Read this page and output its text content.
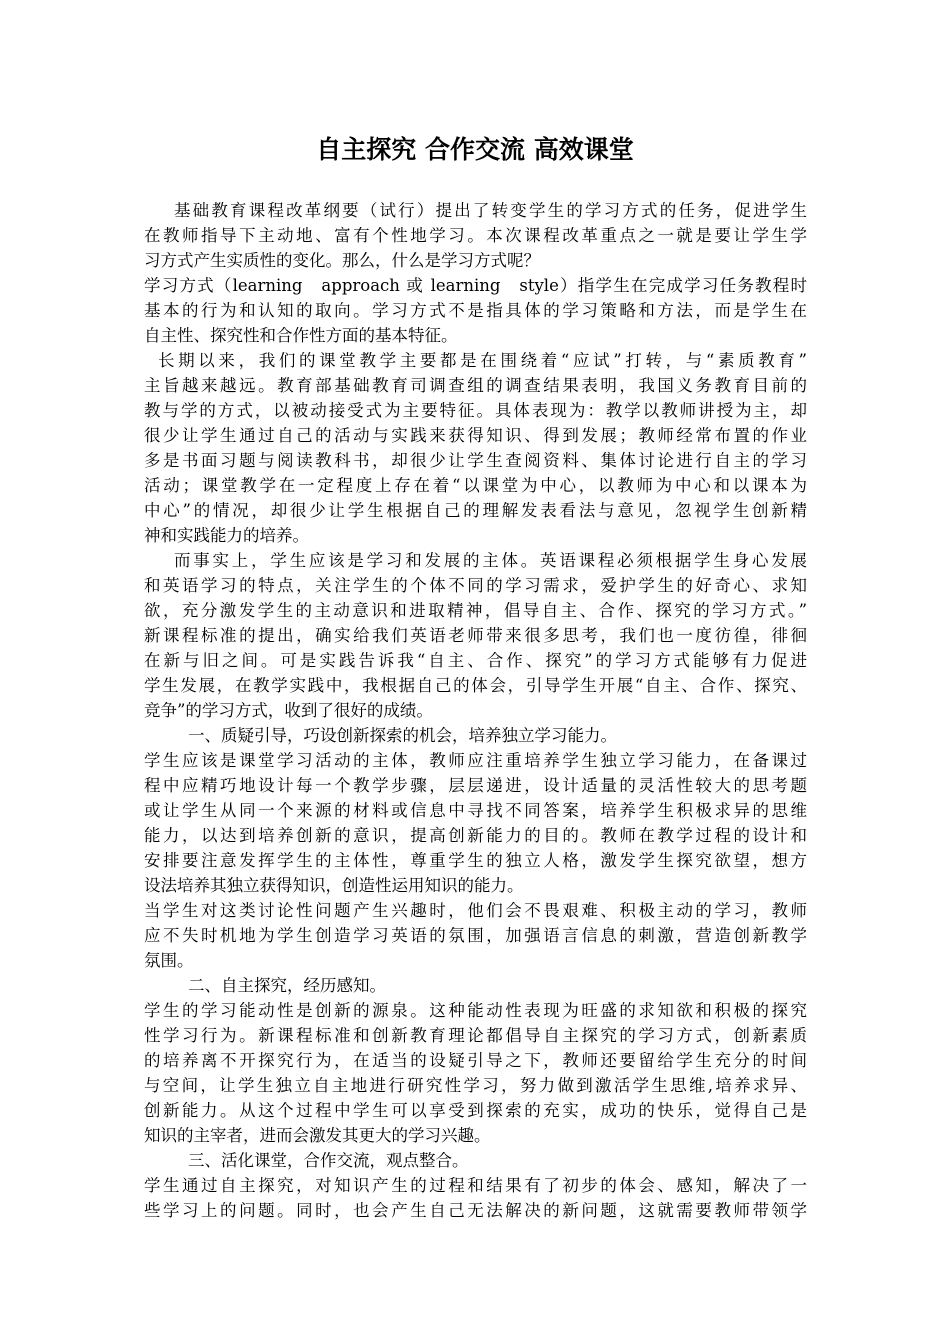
自主探究 合作交流 高效课堂
基础教育课程改革纲要（试行）提出了转变学生的学习方式的任务，促进学生
在教师指导下主动地、富有个性地学习。本次课程改革重点之一就是要让学生学
习方式产生实质性的变化。那么，什么是学习方式呢？
学习方式（learning　approach 或 learning　style）指学生在完成学习任务教程时
基本的行为和认知的取向。学习方式不是指具体的学习策略和方法，而是学生在
自主性、探究性和合作性方面的基本特征。
长期以来，我们的课堂教学主要都是在围绕着“应试”打转，与“素质教育”
主旨越来越远。教育部基础教育司调查组的调查结果表明，我国义务教育目前的
教与学的方式，以被动接受式为主要特征。具体表现为：教学以教师讲授为主，却
很少让学生通过自己的活动与实践来获得知识、得到发展；教师经常布置的作业
多是书面习题与阅读教科书，却很少让学生查阅资料、集体讨论进行自主的学习
活动；课堂教学在一定程度上存在着“以课堂为中心，以教师为中心和以课本为
中心”的情况，却很少让学生根据自己的理解发表看法与意见，忽视学生创新精
神和实践能力的培养。
而事实上，学生应该是学习和发展的主体。英语课程必须根据学生身心发展
和英语学习的特点，关注学生的个体不同的学习需求，爱护学生的好奇心、求知
欲，充分激发学生的主动意识和进取精神，倡导自主、合作、探究的学习方式。”
新课程标准的提出，确实给我们英语老师带来很多思考，我们也一度彷徨，徘徊
在新与旧之间。可是实践告诉我“自主、合作、探究”的学习方式能够有力促进
学生发展，在教学实践中，我根据自己的体会，引导学生开展“自主、合作、探究、
竞争”的学习方式，收到了很好的成绩。
一、质疑引导，巧设创新探索的机会，培养独立学习能力。
学生应该是课堂学习活动的主体，教师应注重培养学生独立学习能力，在备课过
程中应精巧地设计每一个教学步骤，层层递进，设计适量的灵活性较大的思考题
或让学生从同一个来源的材料或信息中寻找不同答案，培养学生积极求异的思维
能力，以达到培养创新的意识，提高创新能力的目的。教师在教学过程的设计和
安排要注意发挥学生的主体性，尊重学生的独立人格，激发学生探究欲望，想方
设法培养其独立获得知识，创造性运用知识的能力。
当学生对这类讨论性问题产生兴趣时，他们会不畏艰难、积极主动的学习，教师
应不失时机地为学生创造学习英语的氛围，加强语言信息的刺激，营造创新教学
氛围。
二、自主探究，经历感知。
学生的学习能动性是创新的源泉。这种能动性表现为旺盛的求知欲和积极的探究
性学习行为。新课程标准和创新教育理论都倡导自主探究的学习方式，创新素质
的培养离不开探究行为，在适当的设疑引导之下，教师还要留给学生充分的时间
与空间，让学生独立自主地进行研究性学习，努力做到激活学生思维,培养求异、
创新能力。从这个过程中学生可以享受到探索的充实，成功的快乐，觉得自己是
知识的主宰者，进而会激发其更大的学习兴趣。
三、活化课堂，合作交流，观点整合。
学生通过自主探究，对知识产生的过程和结果有了初步的体会、感知，解决了一
些学习上的问题。同时，也会产生自己无法解决的新问题，这就需要教师带领学
